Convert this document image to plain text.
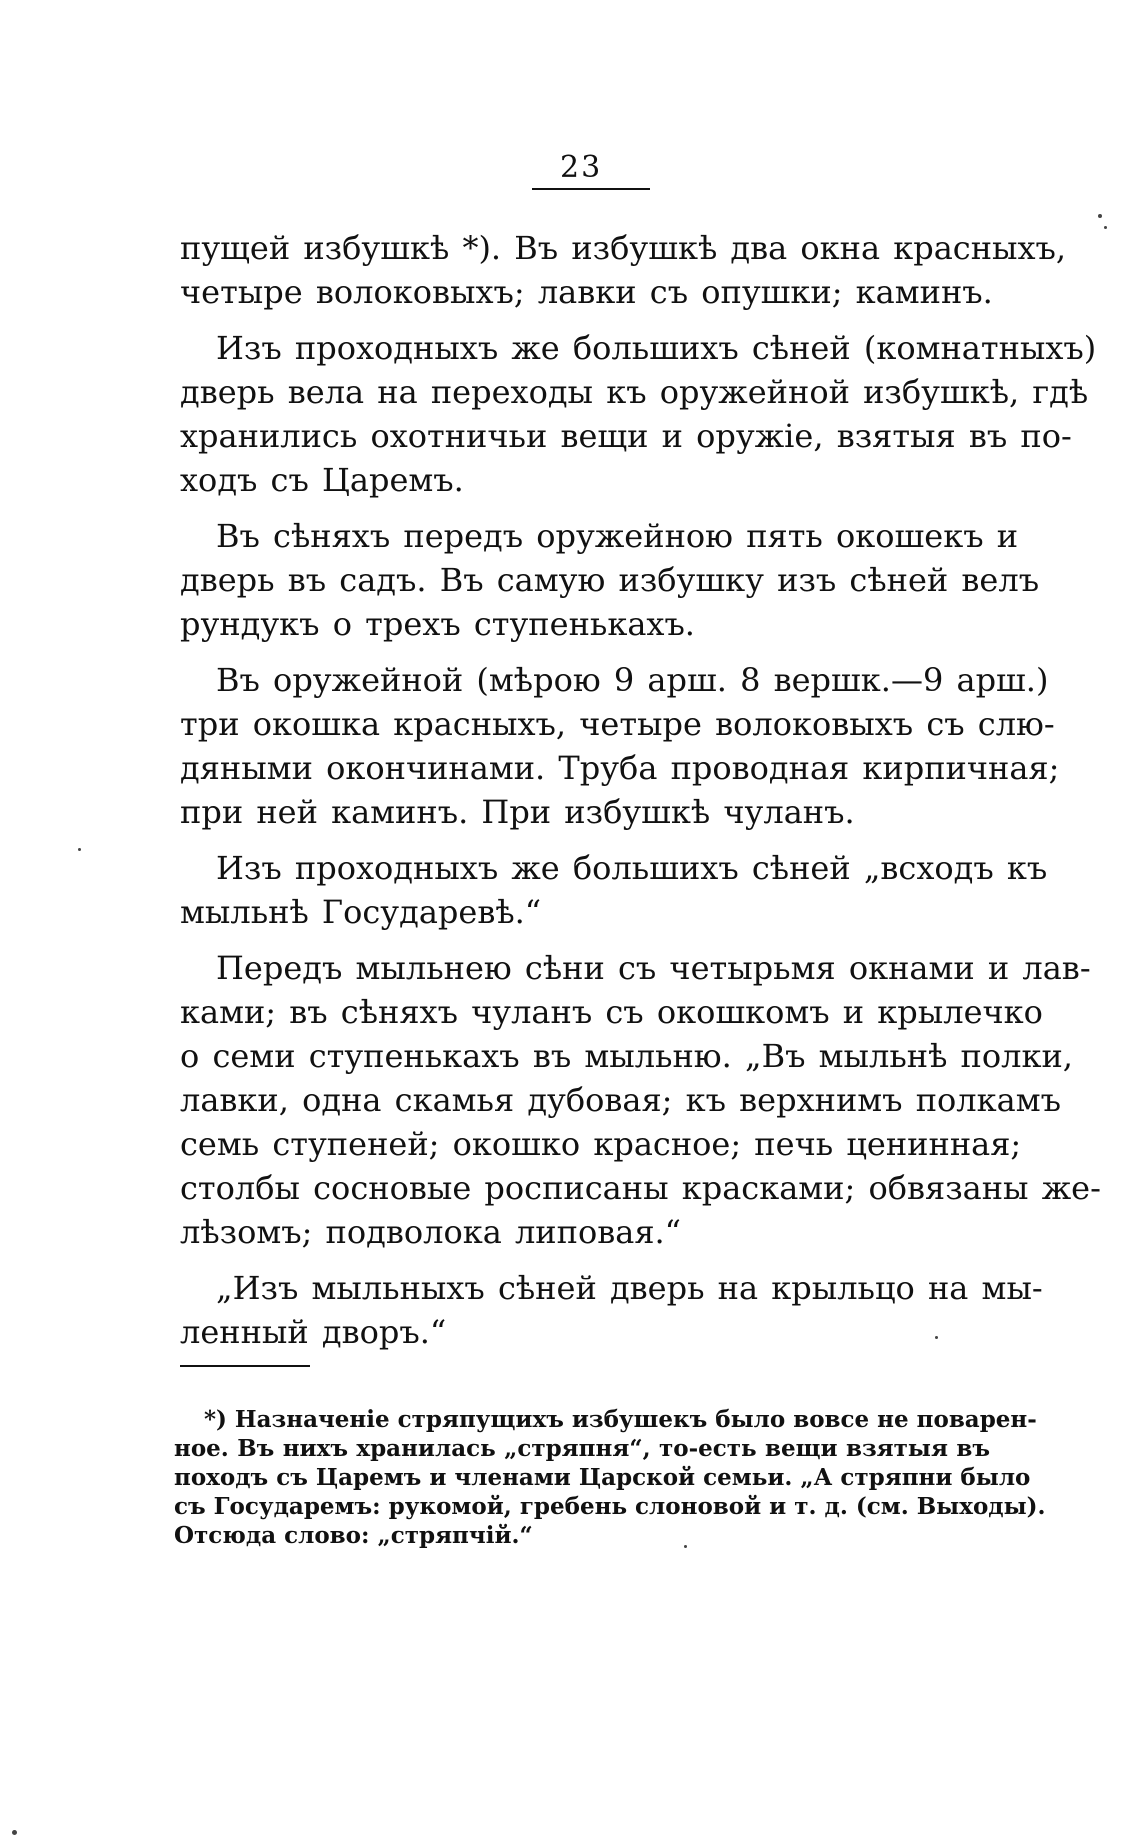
23

пущей избушкѣ *). Въ избушкѣ два окна красныхъ,
четыре волоковыхъ; лавки съ опушки; каминъ.

Изъ проходныхъ же большихъ сѣней (комнатныхъ)
дверь вела на переходы къ оружейной избушкѣ, гдѣ
хранились охотничьи вещи и оружіе, взятыя въ по-
ходъ съ Царемъ.

Въ сѣняхъ передъ оружейною пять окошекъ и
дверь въ садъ. Въ самую избушку изъ сѣней велъ
рундукъ о трехъ ступенькахъ.

Въ оружейной (мѣрою 9 арш. 8 вершк.—9 арш.)
три окошка красныхъ, четыре волоковыхъ съ слю-
дяными окончинами. Труба проводная кирпичная;
при ней каминъ. При избушкѣ чуланъ.

Изъ проходныхъ же большихъ сѣней „всходъ къ
мыльнѣ Государевѣ.“

Передъ мыльнею сѣни съ четырьмя окнами и лав-
ками; въ сѣняхъ чуланъ съ окошкомъ и крылечко
о семи ступенькахъ въ мыльню. „Въ мыльнѣ полки,
лавки, одна скамья дубовая; къ верхнимъ полкамъ
семь ступеней; окошко красное; печь ценинная;
столбы сосновые росписаны красками; обвязаны же-
лѣзомъ; подволока липовая.“

„Изъ мыльныхъ сѣней дверь на крыльцо на мы-
ленный дворъ.“

*) Назначеніе стряпущихъ избушекъ было вовсе не поварен-
ное. Въ нихъ хранилась „стряпня“, то-есть вещи взятыя въ
походъ съ Царемъ и членами Царской семьи. „А стряпни было
съ Государемъ: рукомой, гребень слоновой и т. д. (см. Выходы).
Отсюда слово: „стряпчій.“
